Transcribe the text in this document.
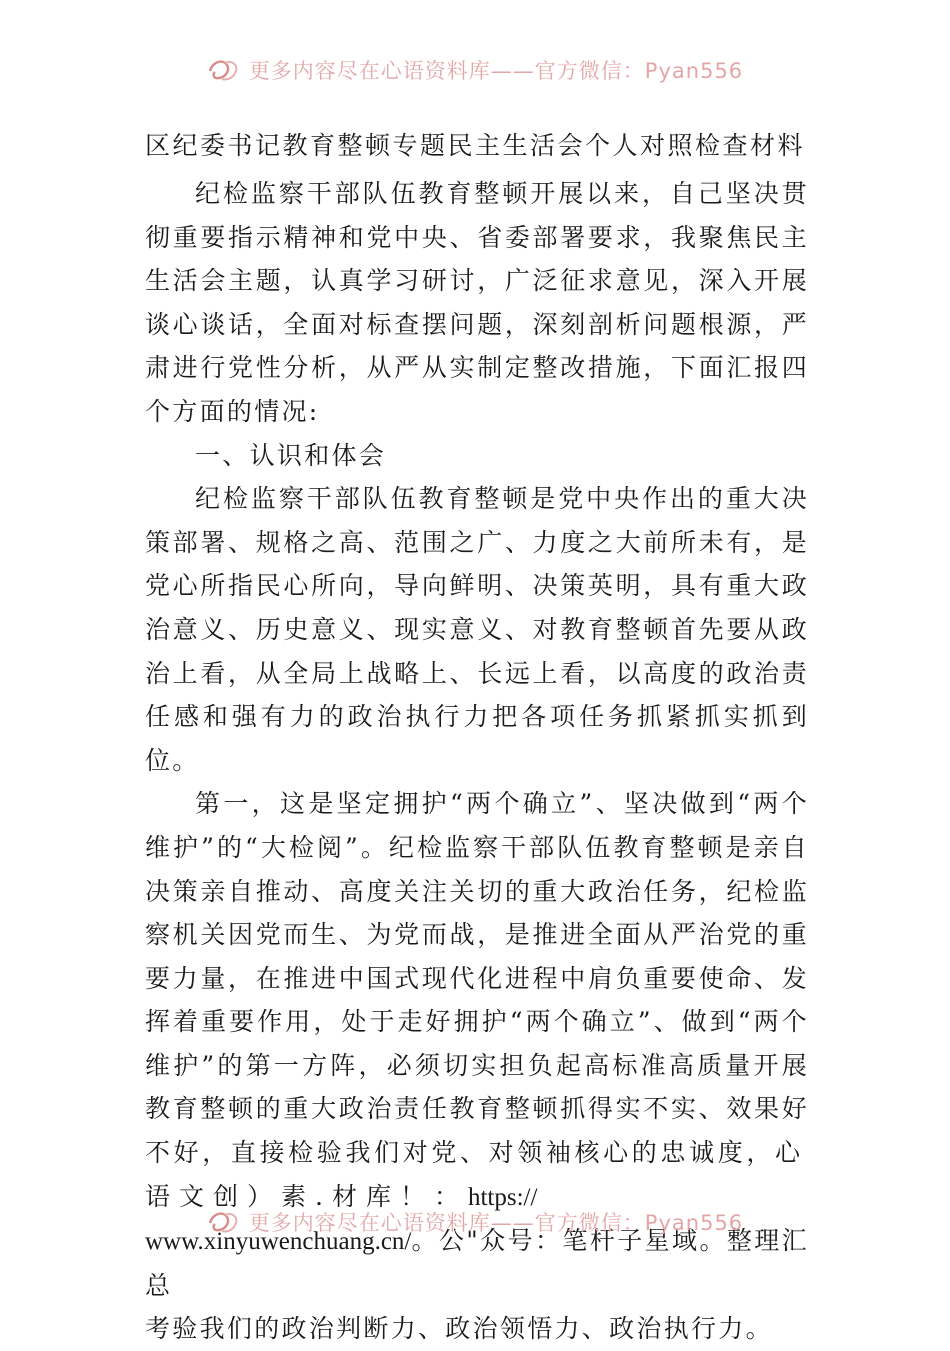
更多内容尽在心语资料库——官方微信：Pyan556
区纪委书记教育整顿专题民主生活会个人对照检查材料

纪检监察干部队伍教育整顿开展以来，自己坚决贯彻重要指示精神和党中央、省委部署要求，我聚焦民主生活会主题，认真学习研讨，广泛征求意见，深入开展谈心谈话，全面对标查摆问题，深刻剖析问题根源，严肃进行党性分析，从严从实制定整改措施，下面汇报四个方面的情况:

一、认识和体会

纪检监察干部队伍教育整顿是党中央作出的重大决策部署、规格之高、范围之广、力度之大前所未有，是党心所指民心所向，导向鲜明、决策英明，具有重大政治意义、历史意义、现实意义、对教育整顿首先要从政治上看，从全局上战略上、长远上看，以高度的政治责任感和强有力的政治执行力把各项任务抓紧抓实抓到位。

第一，这是坚定拥护“两个确立”、坚决做到“两个维护”的“大检阅”。纪检监察干部队伍教育整顿是亲自决策亲自推动、高度关注关切的重大政治任务，纪检监察机关因党而生、为党而战，是推进全面从严治党的重要力量，在推进中国式现代化进程中肩负重要使命、发挥着重要作用，处于走好拥护“两个确立”、做到“两个维护”的第一方阵，必须切实担负起高标准高质量开展教育整顿的重大政治责任教育整顿抓得实不实、效果好不好，直接检验我们对党、对领袖核心的忠诚度，心语文创）素.材库！：https://
www.xinyuwenchuang.cn/。公"众号：笔杆子星域。整理汇总
考验我们的政治判断力、政治领悟力、政治执行力。

更多内容尽在心语资料库——官方微信：Pyan556
